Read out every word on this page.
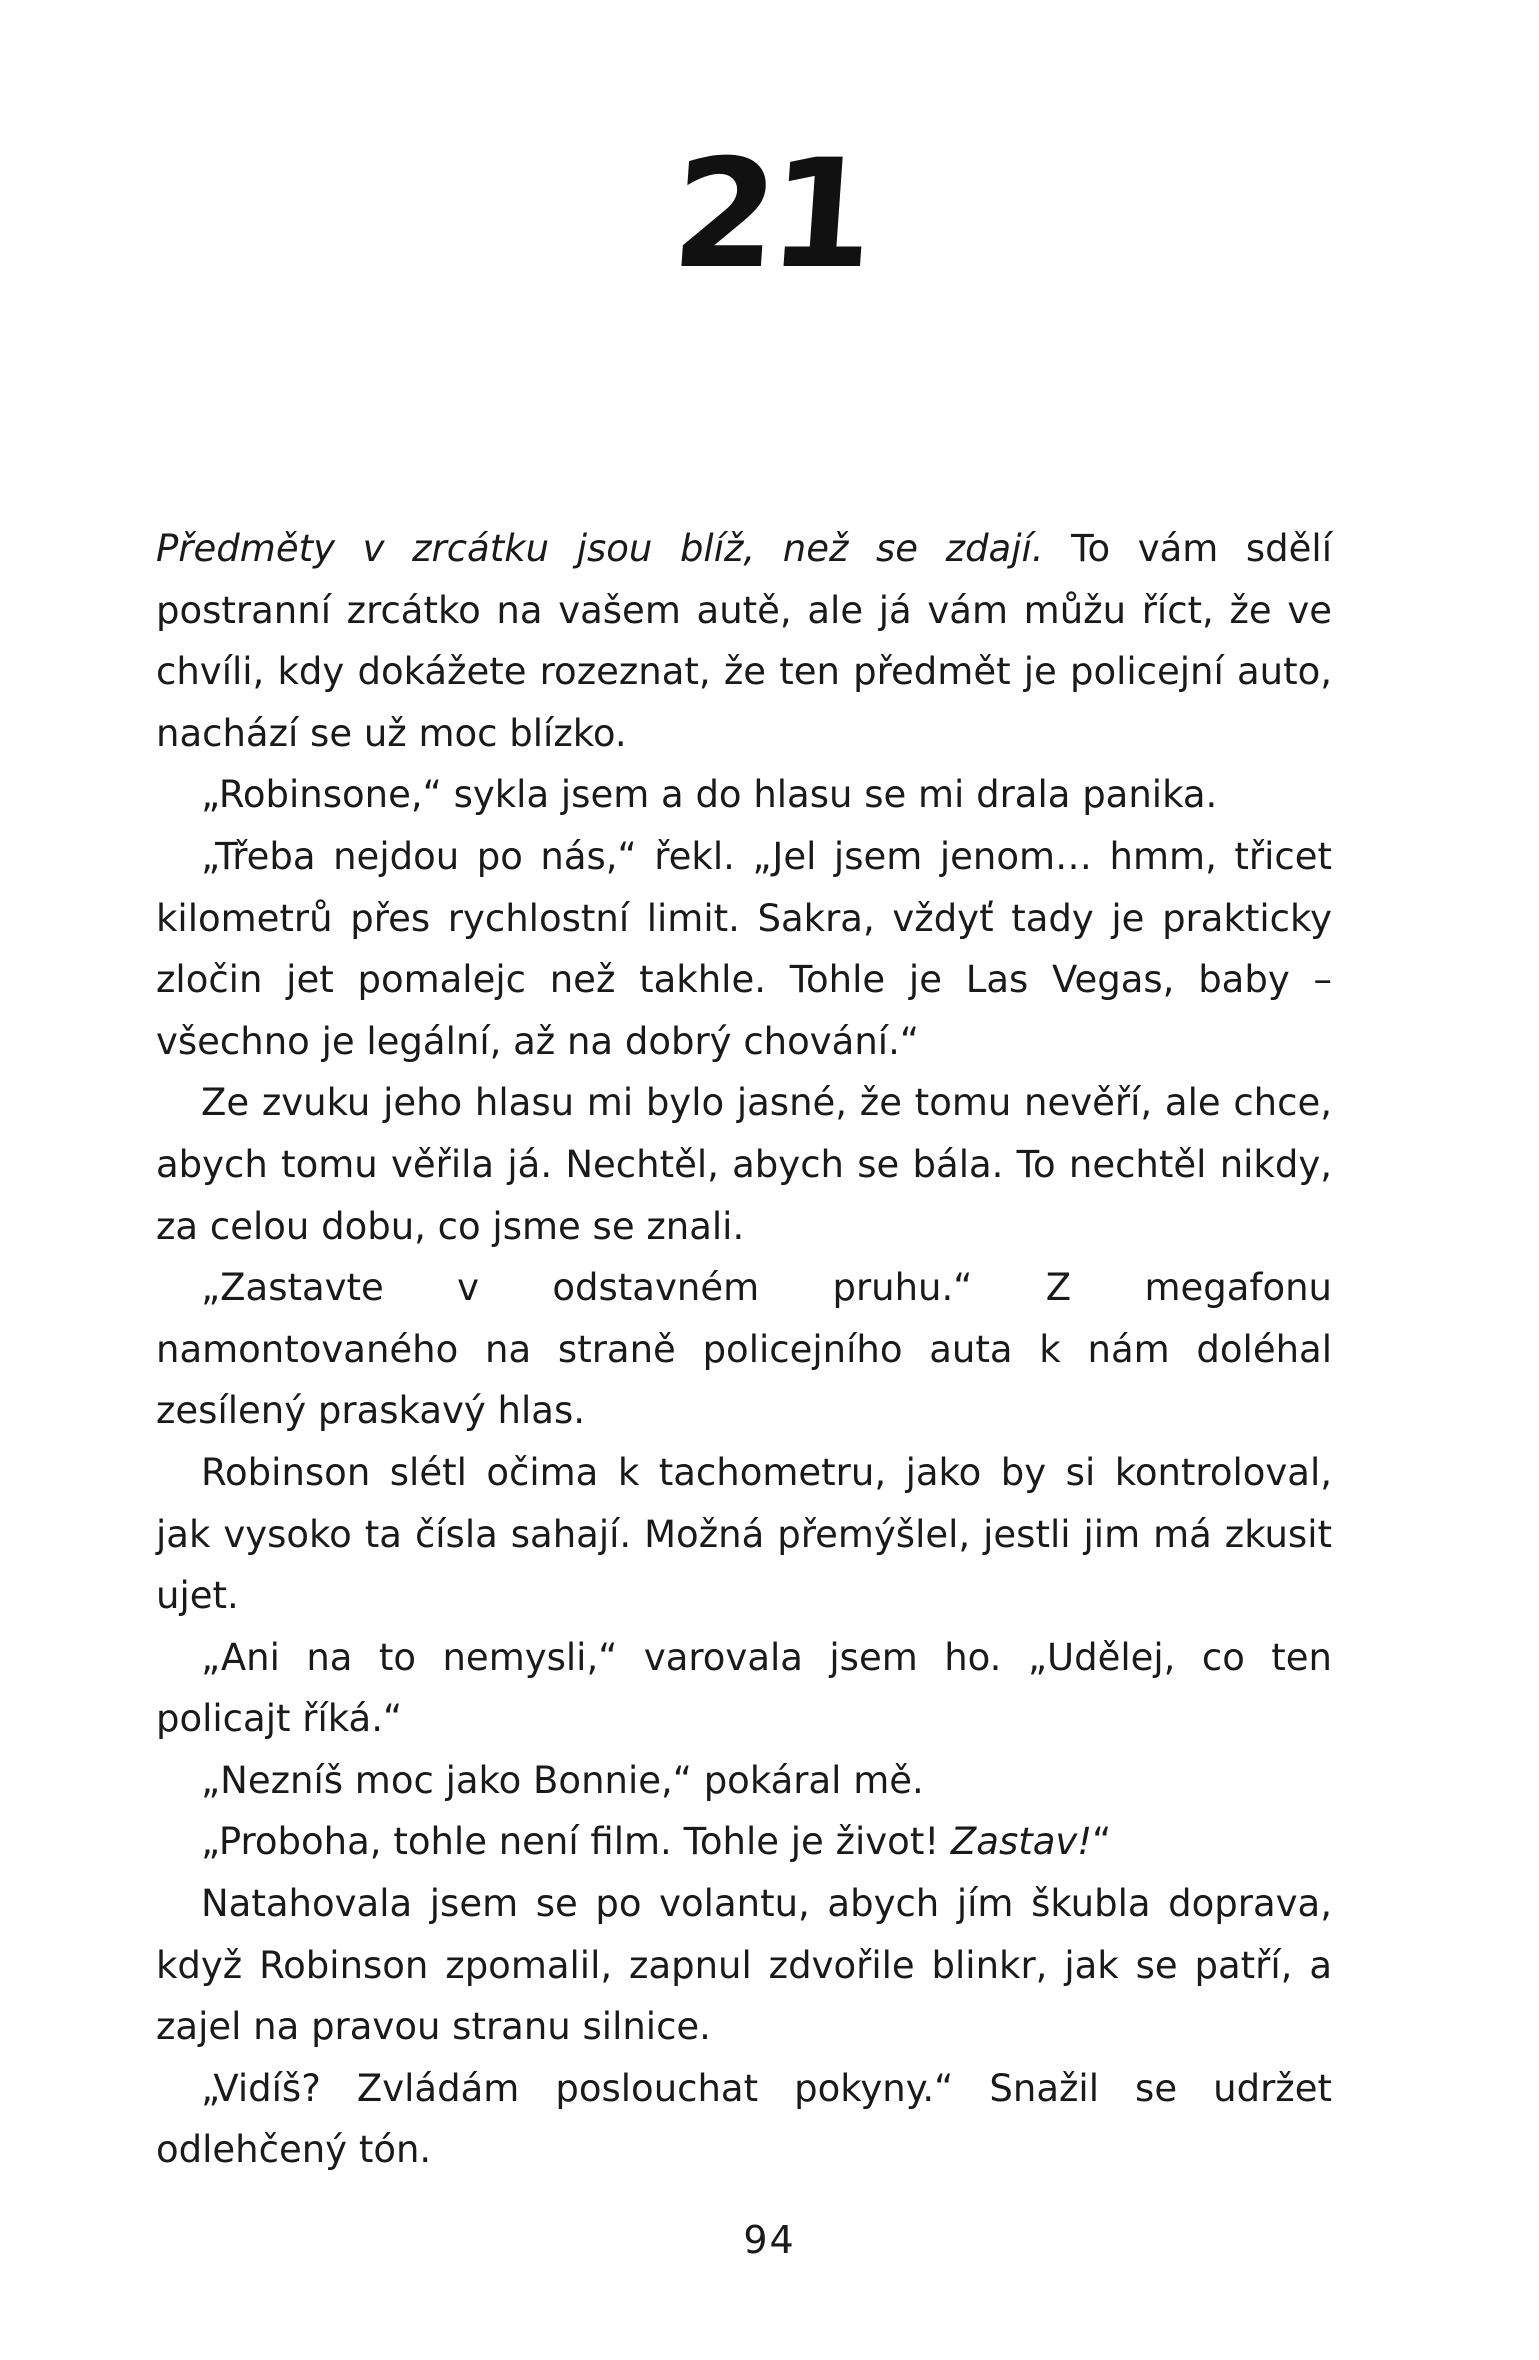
21

Předměty v zrcátku jsou blíž, než se zdají. To vám sdělí postranní zrcátko na vašem autě, ale já vám můžu říct, že ve chvíli, kdy dokážete rozeznat, že ten předmět je policejní auto, nachází se už moc blízko.

„Robinsone,“ sykla jsem a do hlasu se mi drala panika.

„Třeba nejdou po nás,“ řekl. „Jel jsem jenom… hmm, třicet kilometrů přes rychlostní limit. Sakra, vždyť tady je prakticky zločin jet pomalejc než takhle. Tohle je Las Vegas, baby – všechno je legální, až na dobrý chování.“

Ze zvuku jeho hlasu mi bylo jasné, že tomu nevěří, ale chce, abych tomu věřila já. Nechtěl, abych se bála. To nechtěl nikdy, za celou dobu, co jsme se znali.

„Zastavte v odstavném pruhu.“ Z megafonu namontovaného na straně policejního auta k nám doléhal zesílený praskavý hlas.

Robinson slétl očima k tachometru, jako by si kontroloval, jak vysoko ta čísla sahají. Možná přemýšlel, jestli jim má zkusit ujet.

„Ani na to nemysli,“ varovala jsem ho. „Udělej, co ten policajt říká.“

„Nezníš moc jako Bonnie,“ pokáral mě.

„Proboha, tohle není film. Tohle je život! Zastav!“

Natahovala jsem se po volantu, abych jím škubla doprava, když Robinson zpomalil, zapnul zdvořile blinkr, jak se patří, a zajel na pravou stranu silnice.

„Vidíš? Zvládám poslouchat pokyny.“ Snažil se udržet odlehčený tón.

94
